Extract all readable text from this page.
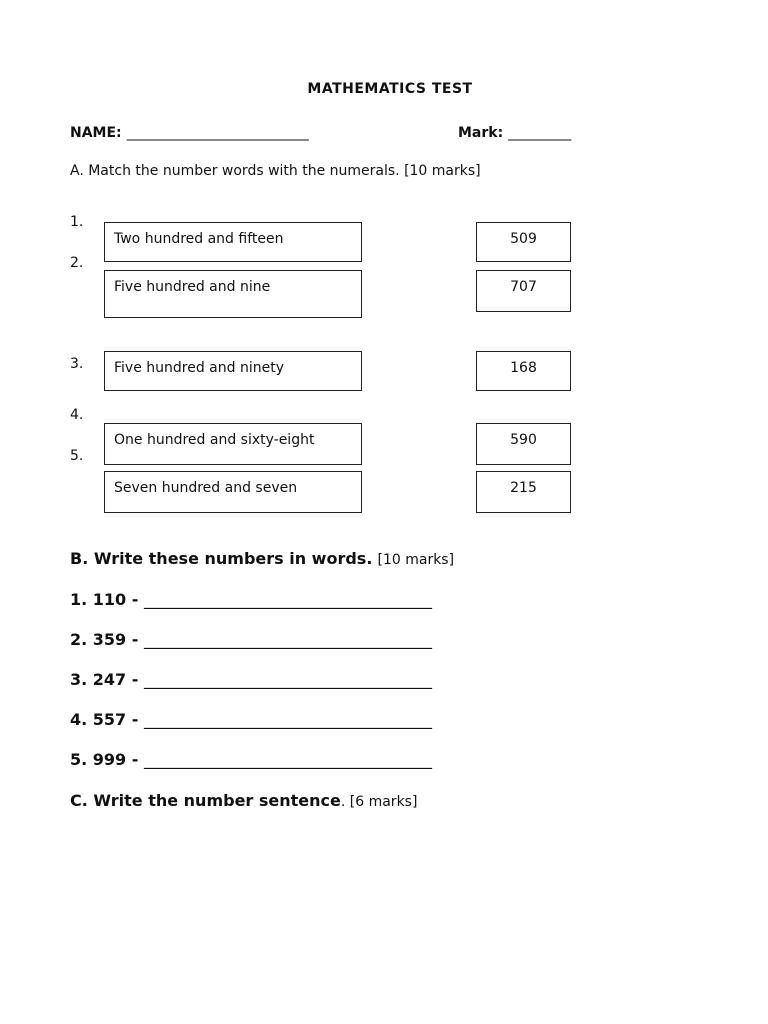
MATHEMATICS TEST
NAME: __________________________	Mark: _________
A. Match the number words with the numerals. [10 marks]
1.
2.
3.
4.
5.
Two hundred and fifteen
Five hundred and nine
Five hundred and ninety
One hundred and sixty-eight
Seven hundred and seven
509
707
168
590
215
B. Write these numbers in words. [10 marks]
1. 110 - ____________________________________
2. 359 - ____________________________________
3. 247 - ____________________________________
4. 557 - ____________________________________
5. 999 - ____________________________________
C. Write the number sentence. [6 marks]
